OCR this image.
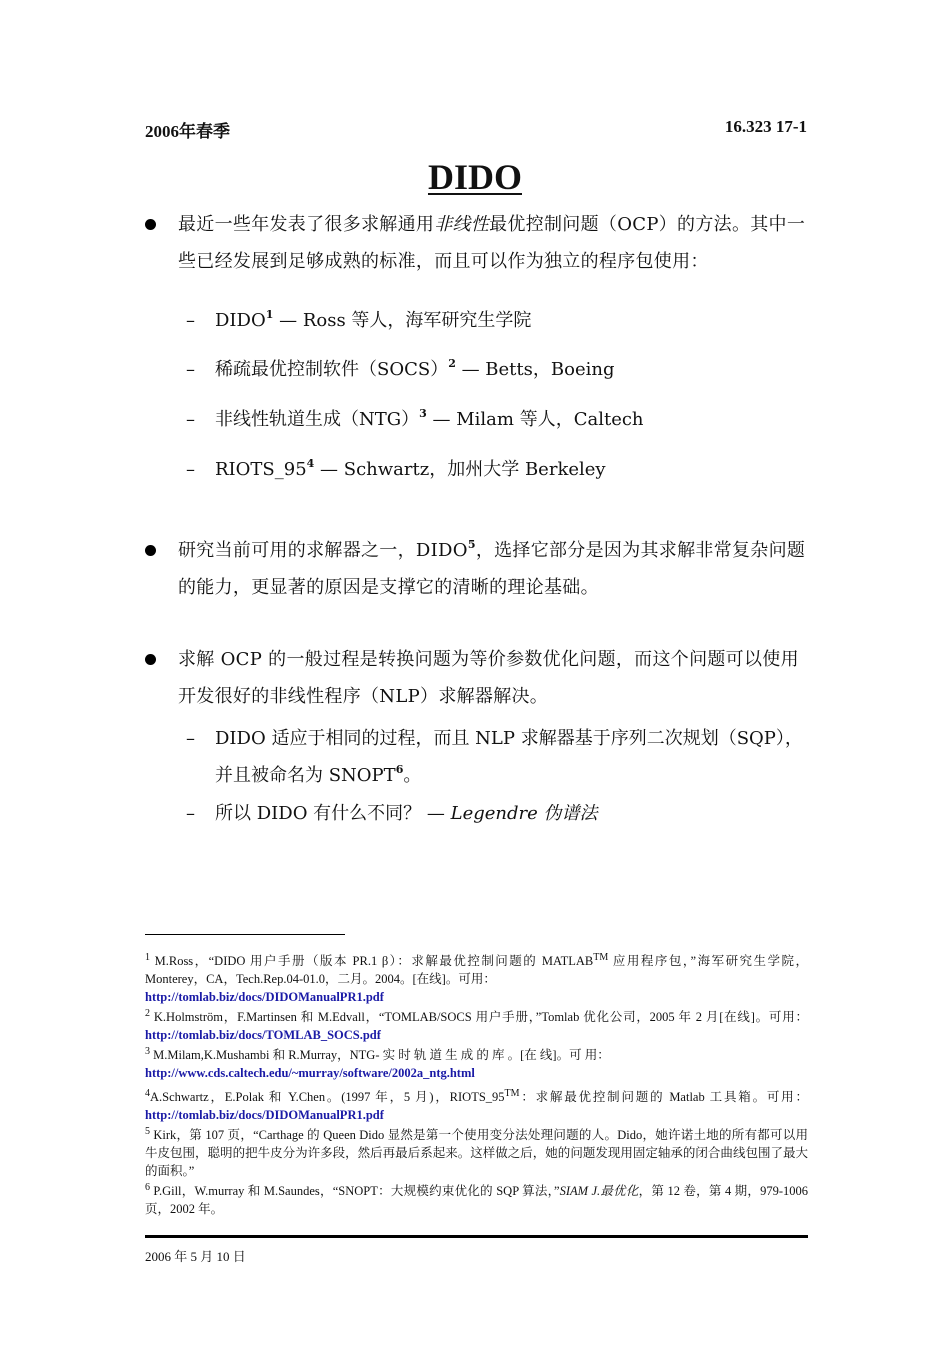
2006年春季	16.323 17-1
DIDO
最近一些年发表了很多求解通用非线性最优控制问题（OCP）的方法。其中一些已经发展到足够成熟的标准，而且可以作为独立的程序包使用：
– DIDO$^1$ — Ross 等人，海军研究生学院
– 稀疏最优控制软件（SOCS）$^2$ — Betts，Boeing
– 非线性轨道生成（NTG）$^3$ — Milam 等人，Caltech
– $RIOTS\_95^4$ — Schwartz，加州大学 Berkeley
研究当前可用的求解器之一，DIDO$^5$，选择它部分是因为其求解非常复杂问题的能力，更显著的原因是支撑它的清晰的理论基础。
求解 OCP 的一般过程是转换问题为等价参数优化问题，而这个问题可以使用开发很好的非线性程序（NLP）求解器解决。
– DIDO 适应于相同的过程，而且 NLP 求解器基于序列二次规划（SQP），并且被命名为 SNOPT$^6$。
– 所以 DIDO 有什么不同？ — Legendre 伪谱法
$^1$ M.Ross，“DIDO 用户手册（版本 PR.1 β）：求解最优控制问题的 MATLAB™ 应用程序包，”海军研究生学院，Monterey，CA，Tech.Rep.04-01.0，二月。2004。[在线]。可用：
http://tomlab.biz/docs/DIDOManualPR1.pdf
$^2$ K.Holmström，F.Martinsen 和 M.Edvall，“TOMLAB/SOCS 用户手册，”Tomlab 优化公司，2005 年 2 月[在线]。可用：http://tomlab.biz/docs/TOMLAB_SOCS.pdf
$^3$ M.Milam,K.Mushambi 和 R.Murray，NTG- 实 时 轨 道 生 成 的 库 。[在 线]。可 用：
http://www.cds.caltech.edu/~murray/software/2002a_ntg.html
$^4$A.Schwartz，E.Polak 和 Y.Chen。(1997 年，5 月)，RIOTS_95™：求解最优控制问题的 Matlab 工具箱。可用：http://tomlab.biz/docs/DIDOManualPR1.pdf
$^5$ Kirk，第 107 页，“Carthage 的 Queen Dido 显然是第一个使用变分法处理问题的人。Dido，她许诺土地的所有都可以用牛皮包围，聪明的把牛皮分为许多段，然后再最后系起来。这样做之后，她的问题发现用固定轴承的闭合曲线包围了最大的面积。”
$^6$ P.Gill，W.murray 和 M.Saundes，“SNOPT：大规模约束优化的 SQP 算法，”SIAM J.最优化，第 12 卷，第 4 期，979-1006 页，2002 年。
2006 年 5 月 10 日
